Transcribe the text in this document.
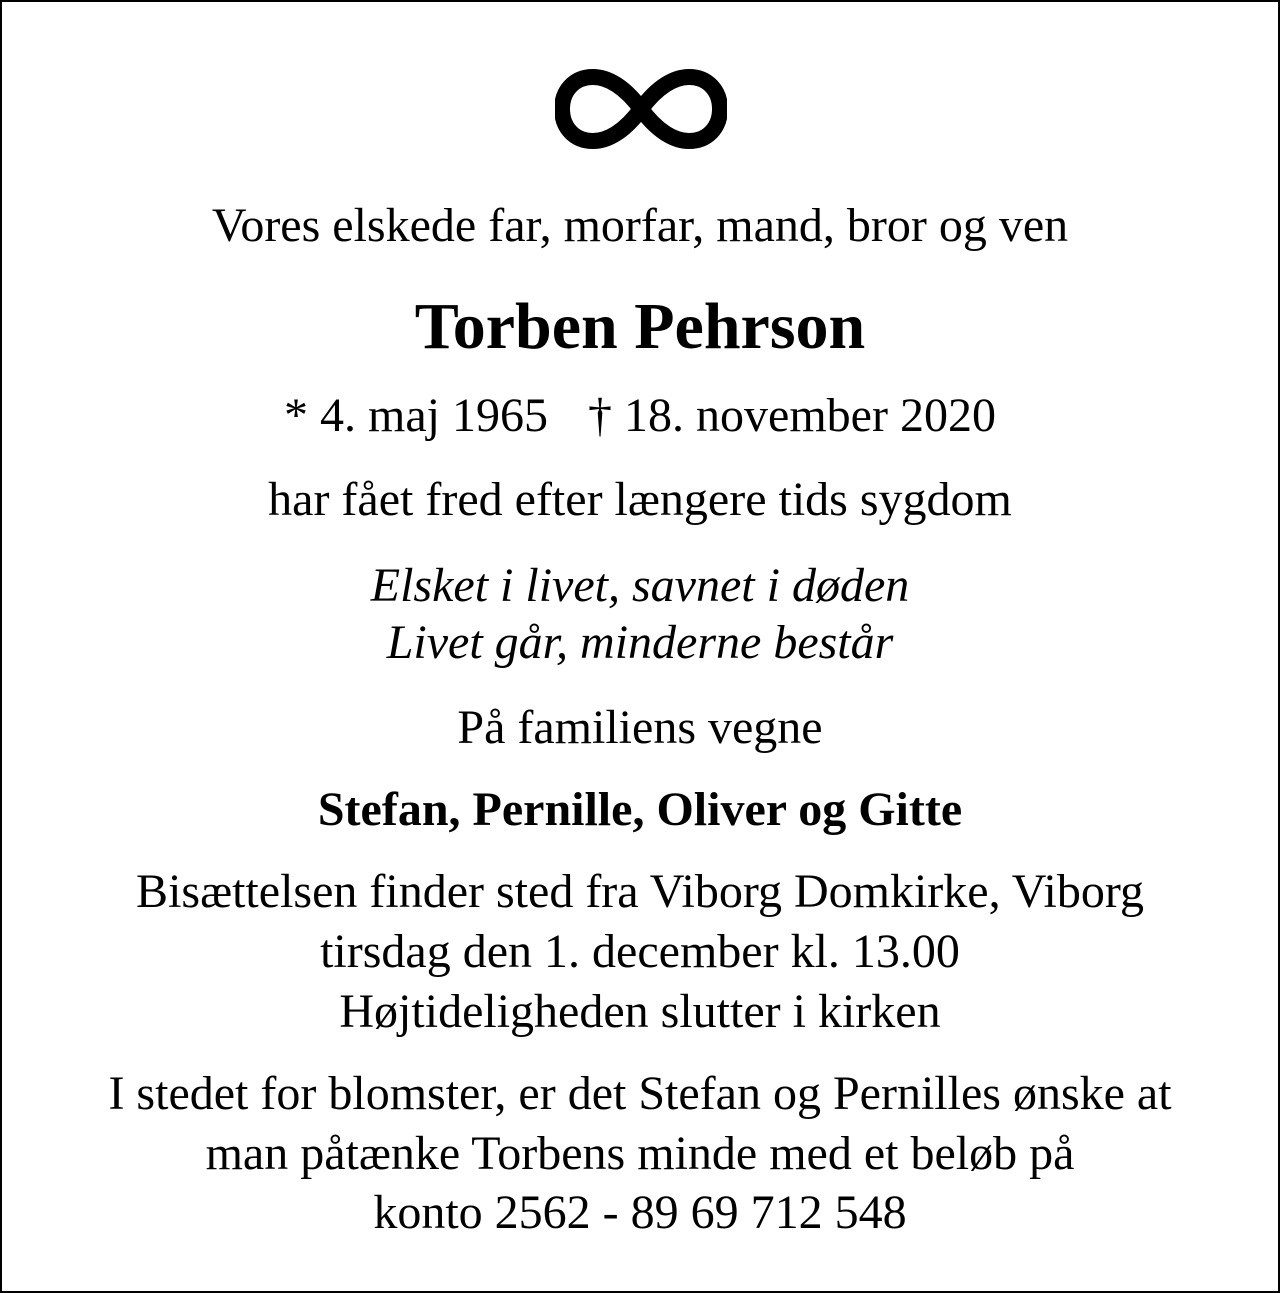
Vores elskede far, morfar, mand, bror og ven
Torben Pehrson
* 4. maj 1965 † 18. november 2020
har fået fred efter længere tids sygdom
Elsket i livet, savnet i døden
Livet går, minderne består
På familiens vegne
Stefan, Pernille, Oliver og Gitte
Bisættelsen finder sted fra Viborg Domkirke, Viborg
tirsdag den 1. december kl. 13.00
Højtideligheden slutter i kirken
I stedet for blomster, er det Stefan og Pernilles ønske at
man påtænke Torbens minde med et beløb på
konto 2562 - 89 69 712 548
